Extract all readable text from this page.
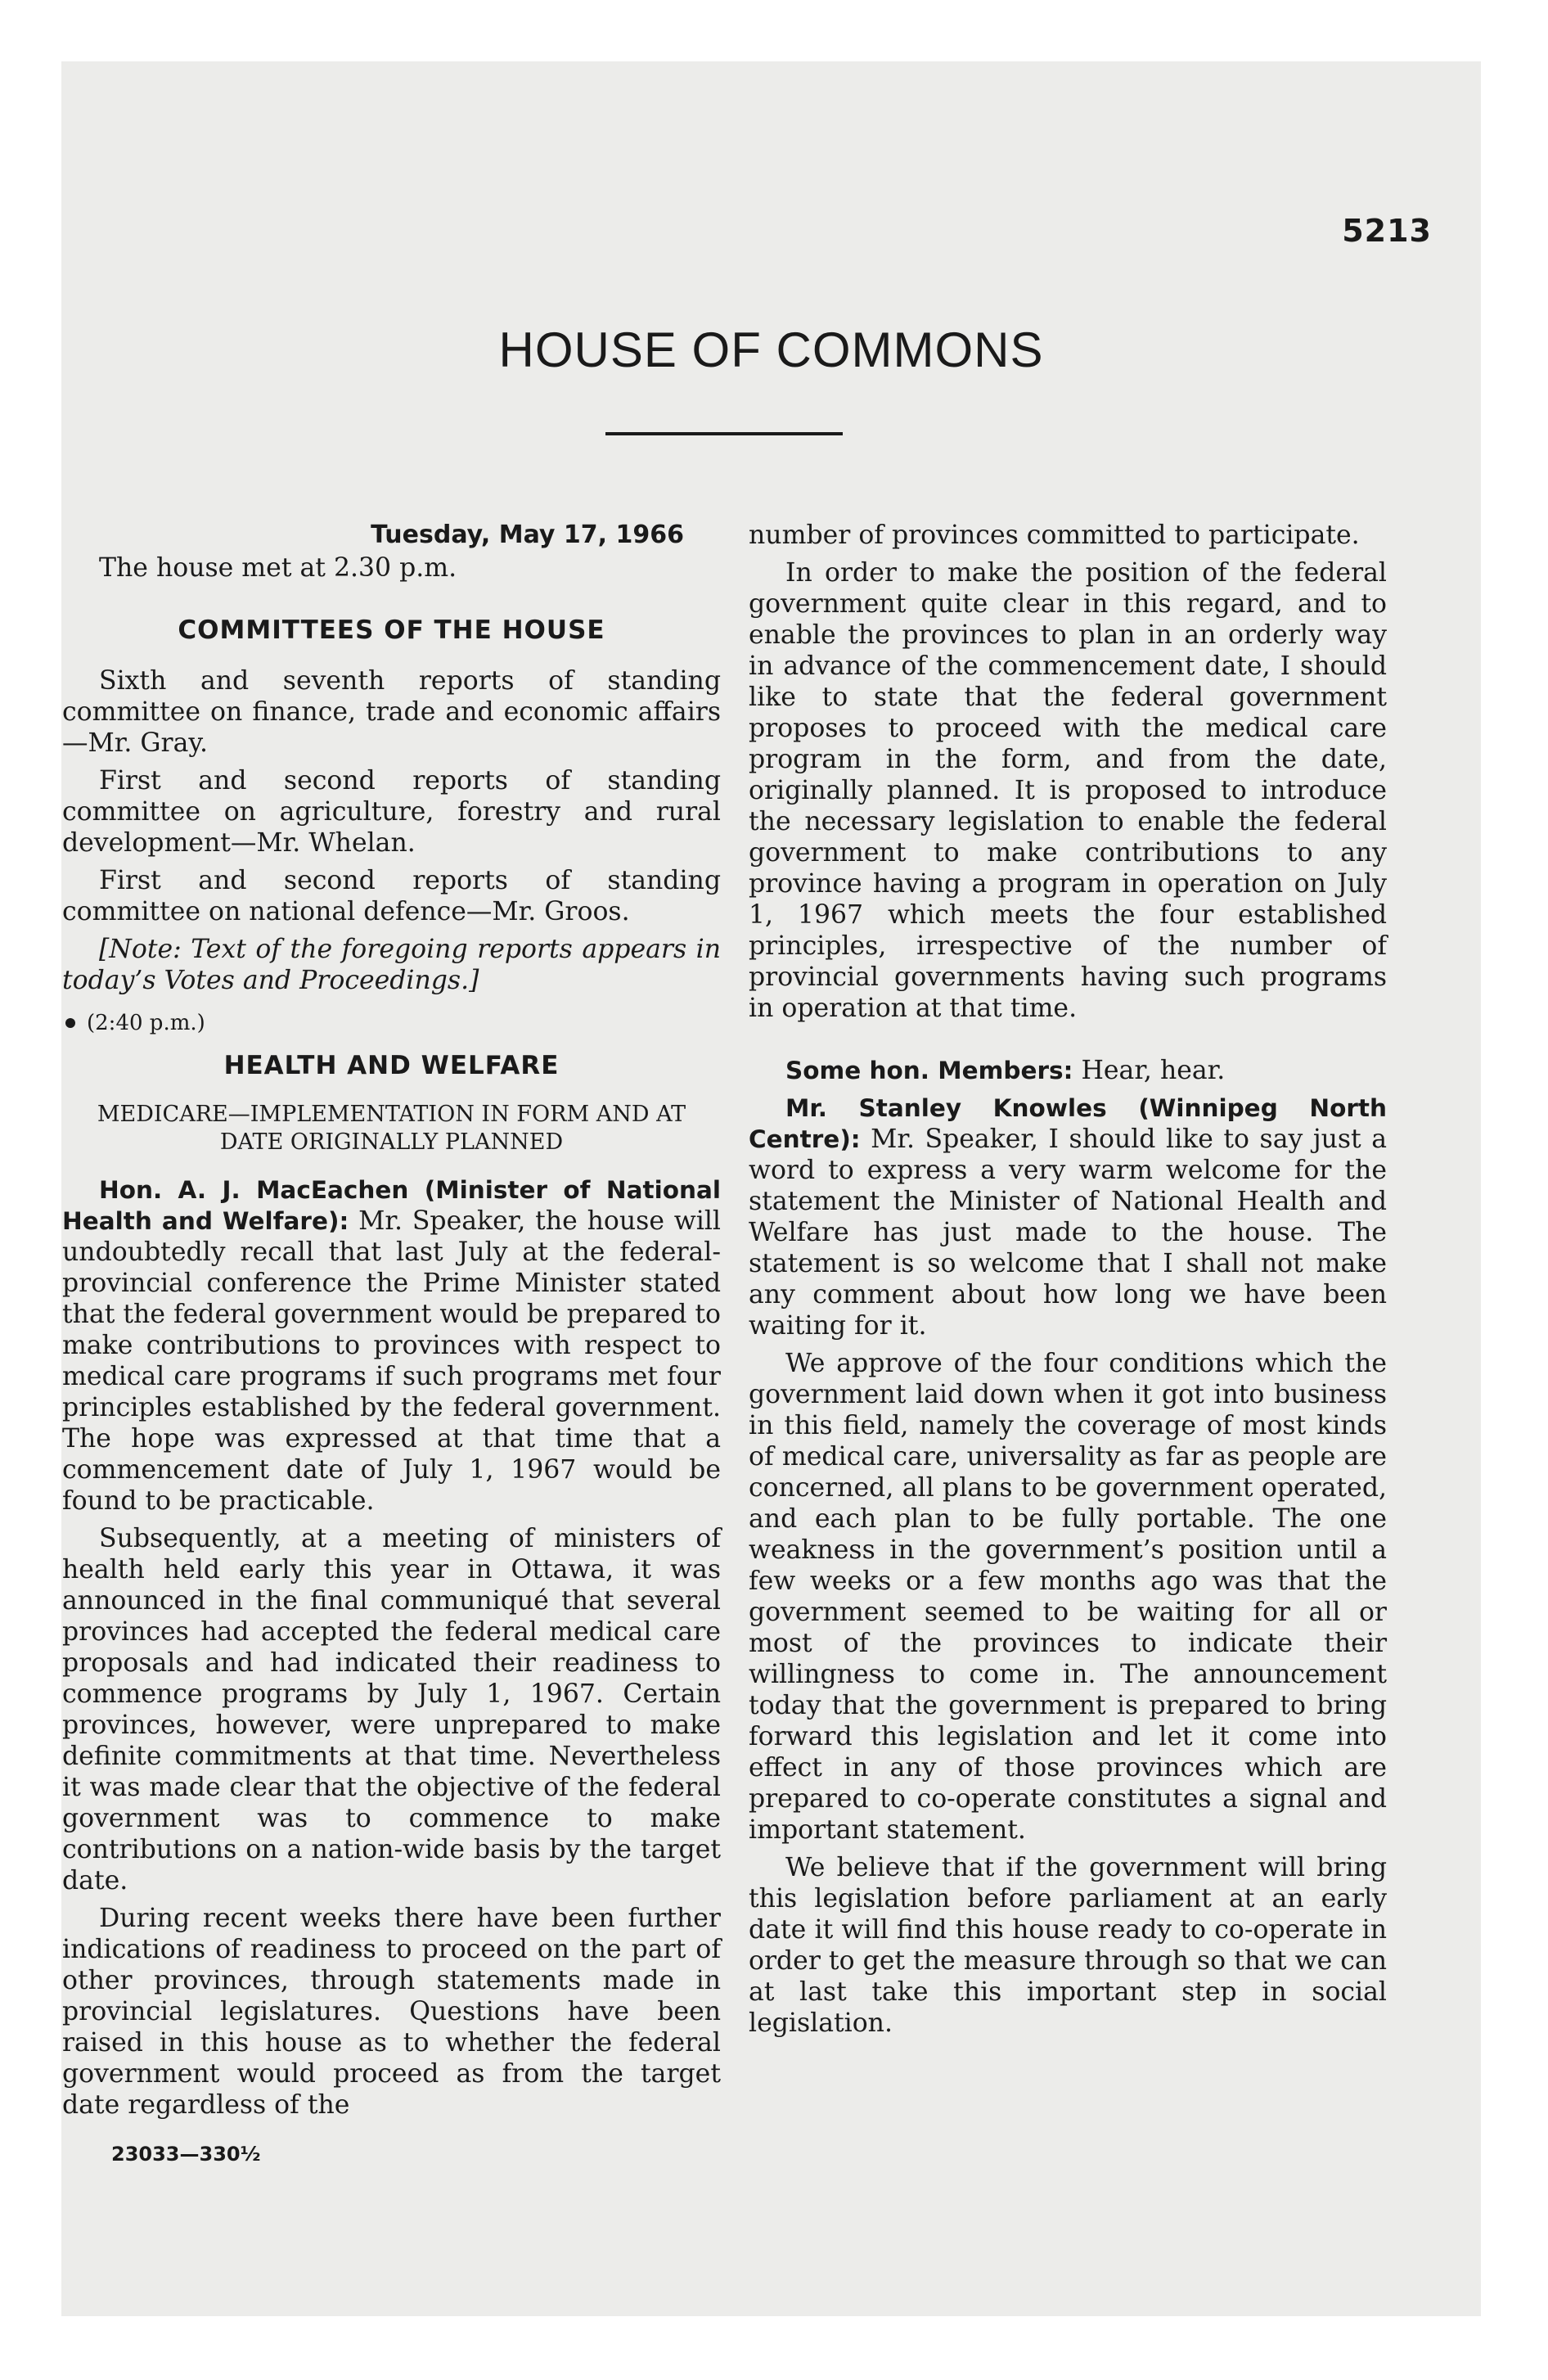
5213
HOUSE OF COMMONS
Tuesday, May 17, 1966

The house met at 2.30 p.m.

COMMITTEES OF THE HOUSE

Sixth and seventh reports of standing committee on finance, trade and economic affairs—Mr. Gray.

First and second reports of standing committee on agriculture, forestry and rural development—Mr. Whelan.

First and second reports of standing committee on national defence—Mr. Groos.

[Note: Text of the foregoing reports appears in today’s Votes and Proceedings.]

(2:40 p.m.)
HEALTH AND WELFARE
MEDICARE—IMPLEMENTATION IN FORM AND AT DATE ORIGINALLY PLANNED

Hon. A. J. MacEachen (Minister of National Health and Welfare): Mr. Speaker, the house will undoubtedly recall that last July at the federal-provincial conference the Prime Minister stated that the federal government would be prepared to make contributions to provinces with respect to medical care programs if such programs met four principles established by the federal government. The hope was expressed at that time that a commencement date of July 1, 1967 would be found to be practicable.

Subsequently, at a meeting of ministers of health held early this year in Ottawa, it was announced in the final communiqué that several provinces had accepted the federal medical care proposals and had indicated their readiness to commence programs by July 1, 1967. Certain provinces, however, were unprepared to make definite commitments at that time. Nevertheless it was made clear that the objective of the federal government was to commence to make contributions on a nation-wide basis by the target date.

During recent weeks there have been further indications of readiness to proceed on the part of other provinces, through statements made in provincial legislatures. Questions have been raised in this house as to whether the federal government would proceed as from the target date regardless of the

23033—330½

number of provinces committed to participate.

In order to make the position of the federal government quite clear in this regard, and to enable the provinces to plan in an orderly way in advance of the commencement date, I should like to state that the federal government proposes to proceed with the medical care program in the form, and from the date, originally planned. It is proposed to introduce the necessary legislation to enable the federal government to make contributions to any province having a program in operation on July 1, 1967 which meets the four established principles, irrespective of the number of provincial governments having such programs in operation at that time.

Some hon. Members: Hear, hear.

Mr. Stanley Knowles (Winnipeg North Centre): Mr. Speaker, I should like to say just a word to express a very warm welcome for the statement the Minister of National Health and Welfare has just made to the house. The statement is so welcome that I shall not make any comment about how long we have been waiting for it.

We approve of the four conditions which the government laid down when it got into business in this field, namely the coverage of most kinds of medical care, universality as far as people are concerned, all plans to be government operated, and each plan to be fully portable. The one weakness in the government’s position until a few weeks or a few months ago was that the government seemed to be waiting for all or most of the provinces to indicate their willingness to come in. The announcement today that the government is prepared to bring forward this legislation and let it come into effect in any of those provinces which are prepared to co-operate constitutes a signal and important statement.

We believe that if the government will bring this legislation before parliament at an early date it will find this house ready to co-operate in order to get the measure through so that we can at last take this important step in social legislation.
